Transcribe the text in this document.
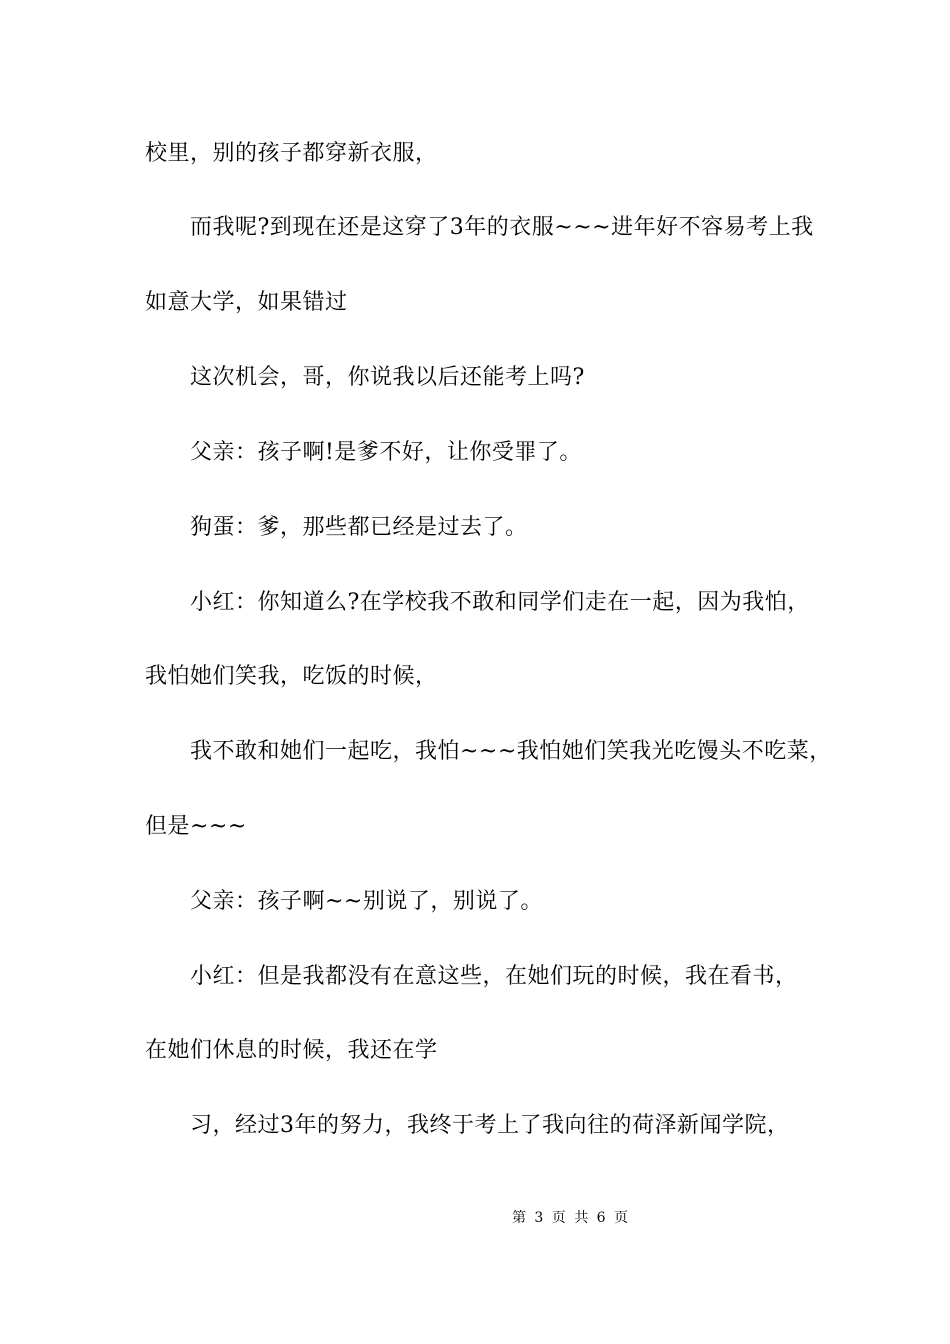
校里，别的孩子都穿新衣服，
而我呢?到现在还是这穿了3年的衣服~~~进年好不容易考上我
如意大学，如果错过
这次机会，哥，你说我以后还能考上吗?
父亲：孩子啊!是爹不好，让你受罪了。
狗蛋：爹，那些都已经是过去了。
小红：你知道么?在学校我不敢和同学们走在一起，因为我怕，
我怕她们笑我，吃饭的时候，
我不敢和她们一起吃，我怕~~~我怕她们笑我光吃馒头不吃菜，
但是~~~
父亲：孩子啊~~别说了，别说了。
小红：但是我都没有在意这些，在她们玩的时候，我在看书，
在她们休息的时候，我还在学
习，经过3年的努力，我终于考上了我向往的荷泽新闻学院，
第 3 页 共 6 页
